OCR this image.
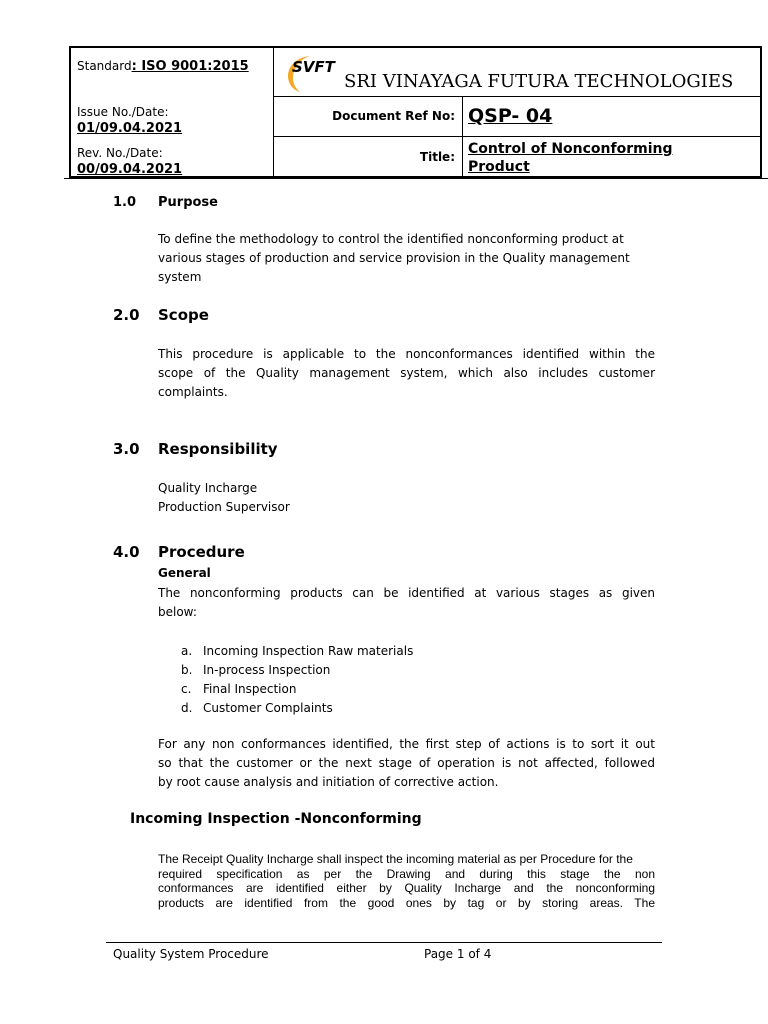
Standard: ISO 9001:2015
Issue No./Date:
01/09.04.2021
Rev. No./Date:
00/09.04.2021
SVFT
SRI VINAYAGA FUTURA TECHNOLOGIES
Document Ref No: QSP- 04
Title: Control of Nonconforming
Product
1.0 Purpose
To define the methodology to control the identified nonconforming product at
various stages of production and service provision in the Quality management
system
2.0 Scope
This procedure is applicable to the nonconformances identified within the
scope of the Quality management system, which also includes customer
complaints.
3.0 Responsibility
Quality Incharge
Production Supervisor
4.0 Procedure
General
The nonconforming products can be identified at various stages as given
below:
a. Incoming Inspection Raw materials
b. In-process Inspection
c. Final Inspection
d. Customer Complaints
For any non conformances identified, the first step of actions is to sort it out
so that the customer or the next stage of operation is not affected, followed
by root cause analysis and initiation of corrective action.
Incoming Inspection -Nonconforming
The Receipt Quality Incharge shall inspect the incoming material as per Procedure for the
required specification as per the Drawing and during this stage the non
conformances are identified either by Quality Incharge and the nonconforming
products are identified from the good ones by tag or by storing areas. The
Quality System Procedure	Page 1 of 4
